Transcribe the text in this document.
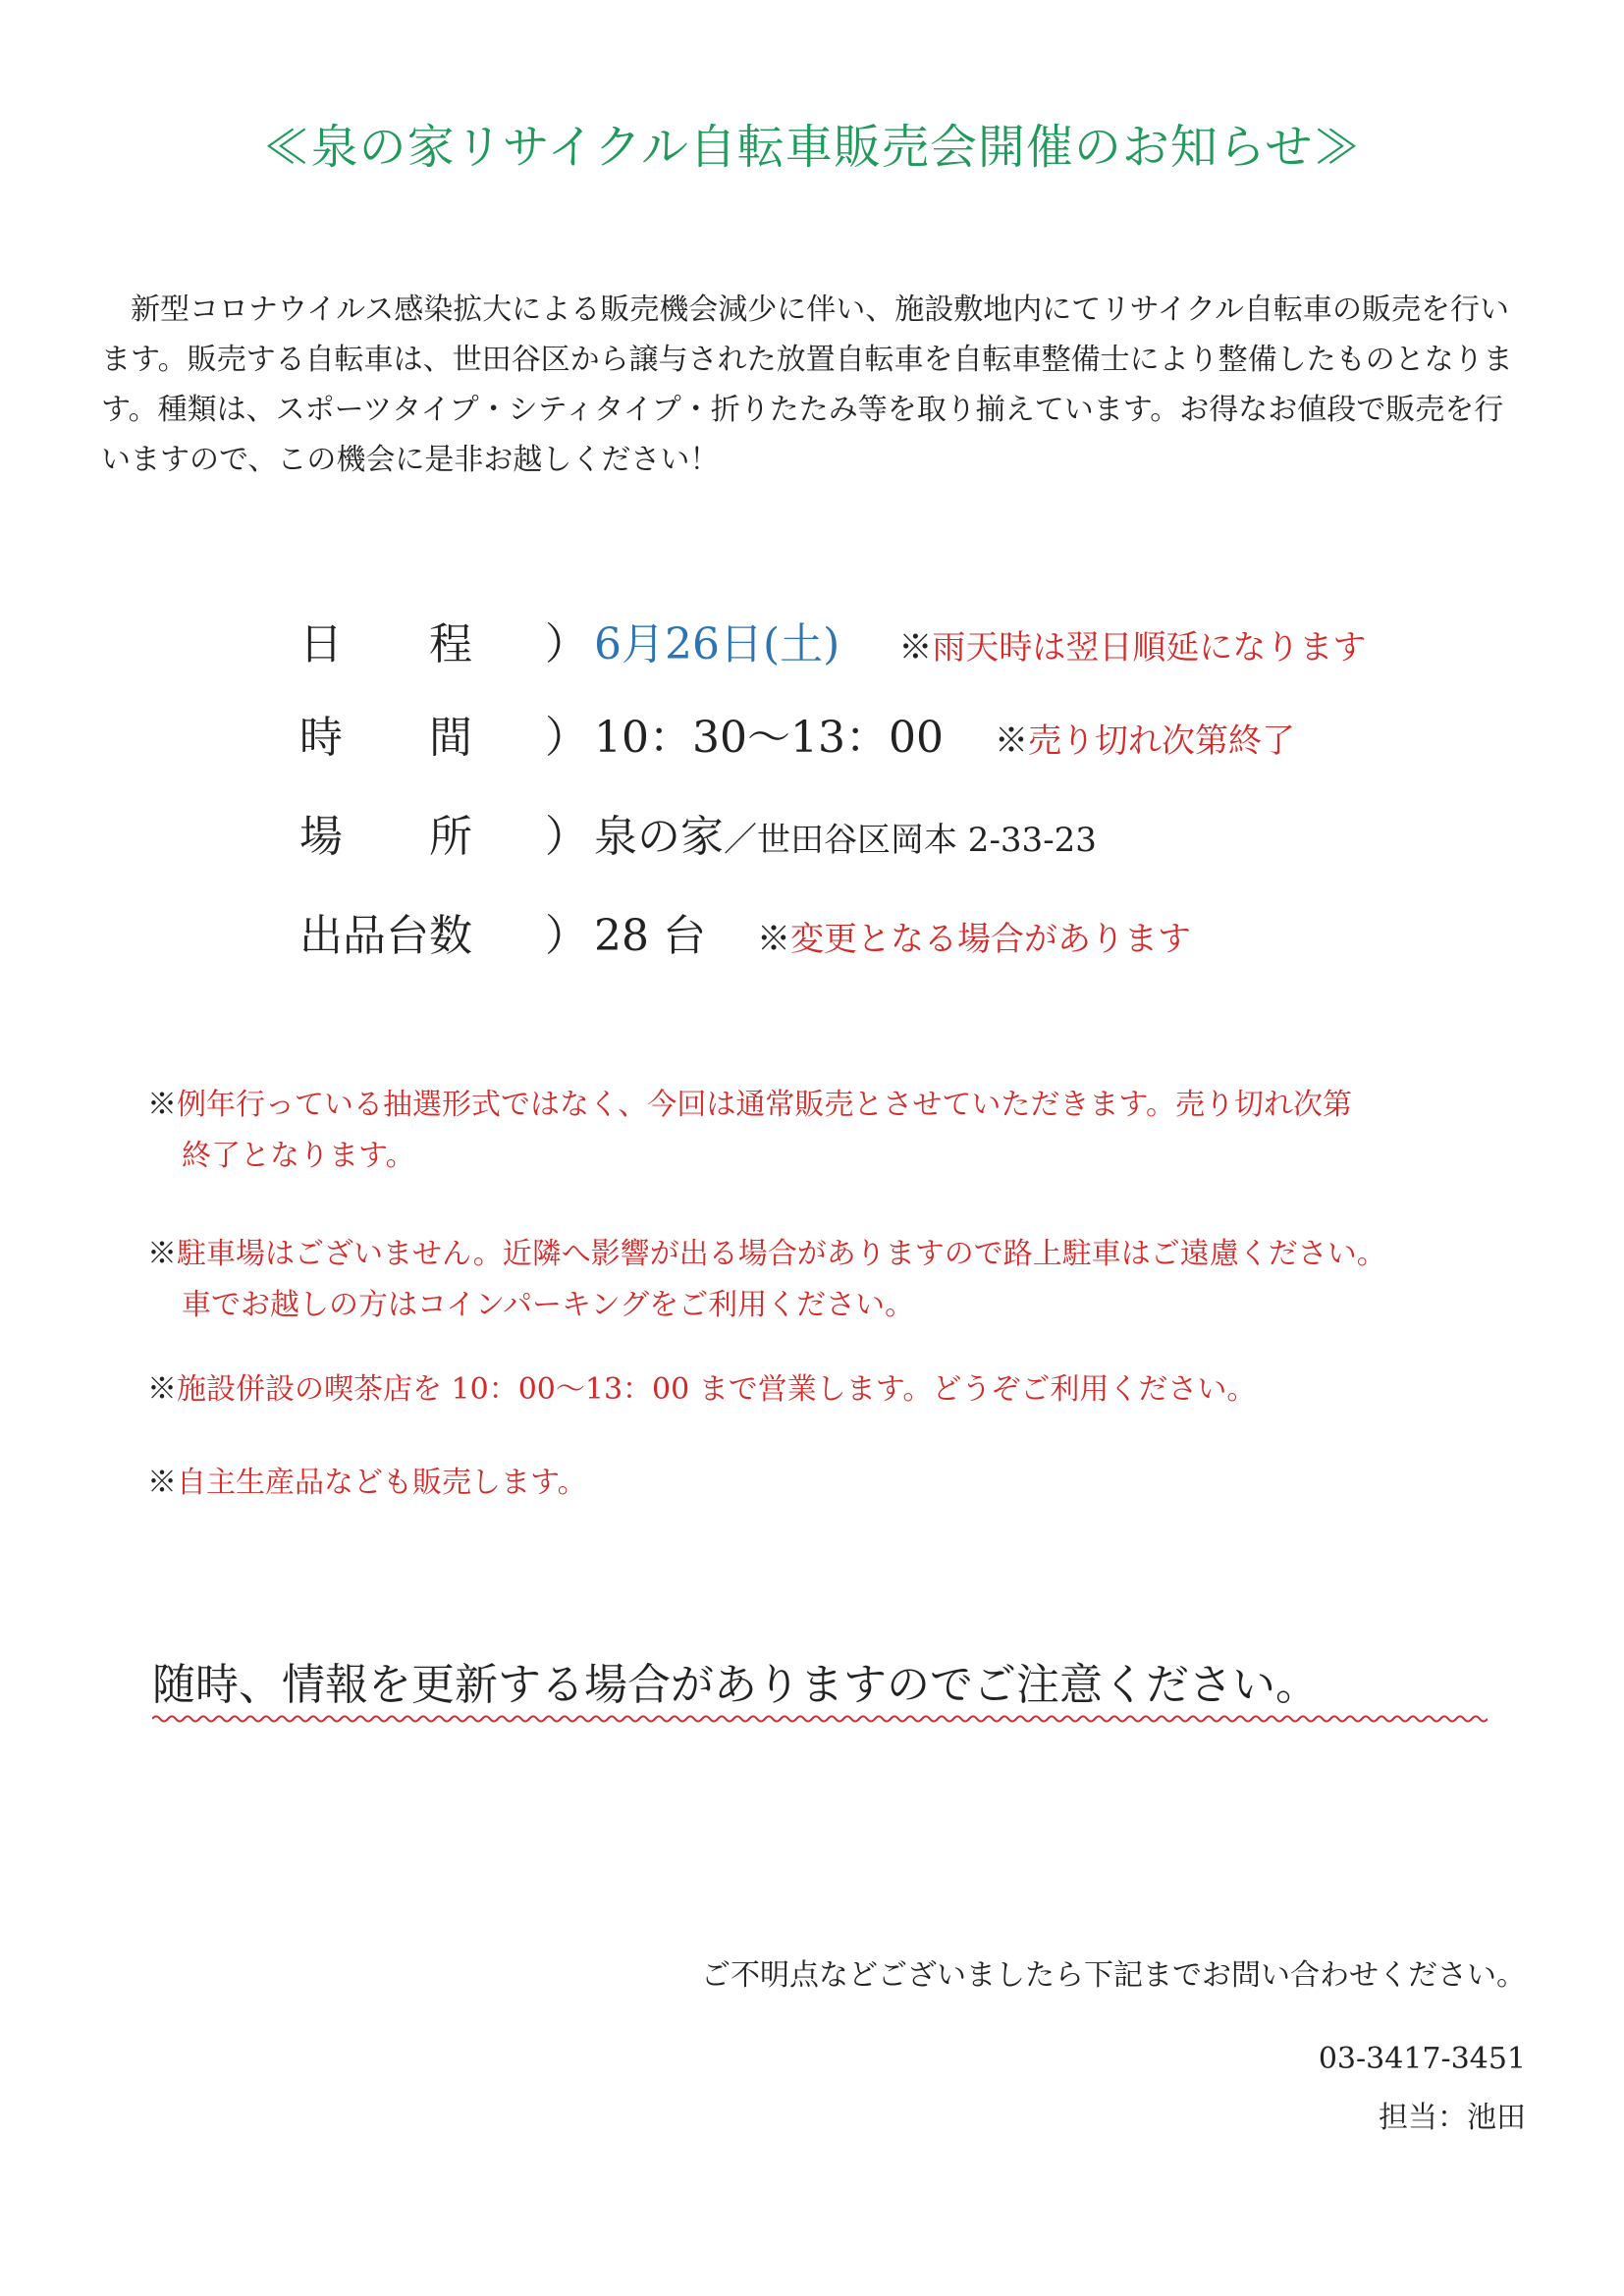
≪泉の家リサイクル自転車販売会開催のお知らせ≫

新型コロナウイルス感染拡大による販売機会減少に伴い、施設敷地内にてリサイクル自転車の販売を行います。販売する自転車は、世田谷区から譲与された放置自転車を自転車整備士により整備したものとなります。種類は、スポーツタイプ・シティタイプ・折りたたみ等を取り揃えています。お得なお値段で販売を行いますので、この機会に是非お越しください！

日　　程 ） 6月26日(土) ※雨天時は翌日順延になります
時　　間 ） 10：30～13：00 ※売り切れ次第終了
場　　所 ） 泉の家／世田谷区岡本 2-33-23
出品台数 ） 28 台 ※変更となる場合があります
※例年行っている抽選形式ではなく、今回は通常販売とさせていただきます。売り切れ次第
終了となります。
※駐車場はございません。近隣へ影響が出る場合がありますので路上駐車はご遠慮ください。
車でお越しの方はコインパーキングをご利用ください。
※施設併設の喫茶店を 10：00～13：00 まで営業します。どうぞご利用ください。
※自主生産品なども販売します。
随時、情報を更新する場合がありますのでご注意ください。
ご不明点などございましたら下記までお問い合わせください。
03-3417-3451
担当：池田
